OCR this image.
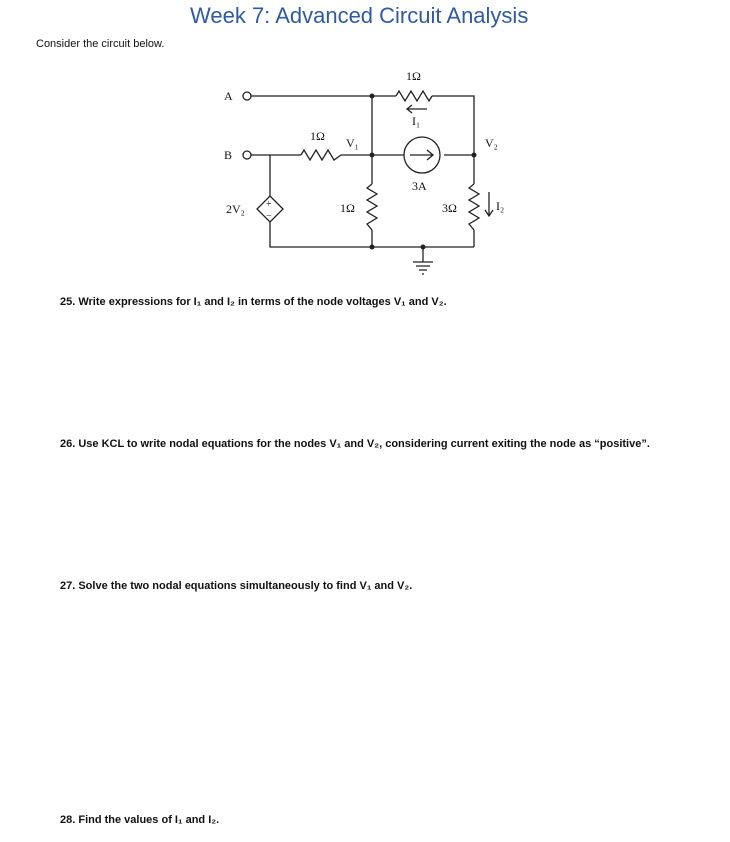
Week 7: Advanced Circuit Analysis
Consider the circuit below.
A
B
V₁	V₂
1Ω
1Ω
1Ω	3Ω
3A
2V₂
I₁
I₂
+
−
25. Write expressions for I₁ and I₂ in terms of the node voltages V₁ and V₂.
26. Use KCL to write nodal equations for the nodes V₁ and V₂, considering current exiting the node as “positive”.
27. Solve the two nodal equations simultaneously to find V₁ and V₂.
28. Find the values of I₁ and I₂.
